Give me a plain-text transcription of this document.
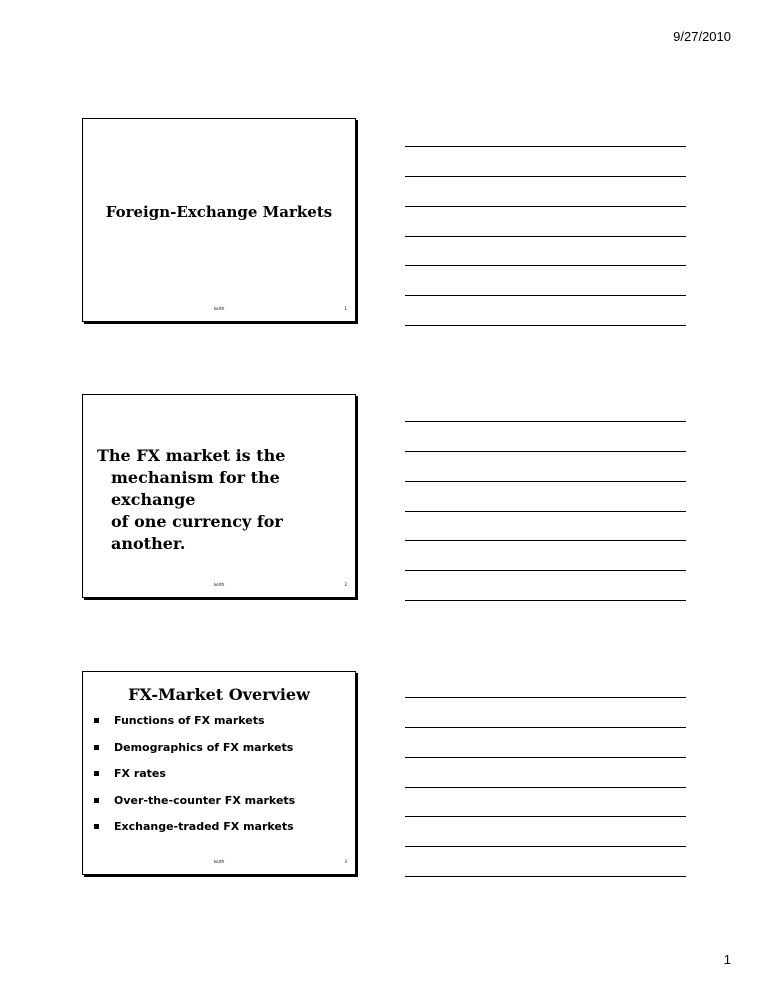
9/27/2010
Foreign-Exchange Markets
korth	1
The FX market is the
mechanism for the exchange
of one currency for another.
korth	2
FX-Market Overview
Functions of FX markets
Demographics of FX markets
FX rates
Over-the-counter FX markets
Exchange-traded FX markets
korth	3
1
